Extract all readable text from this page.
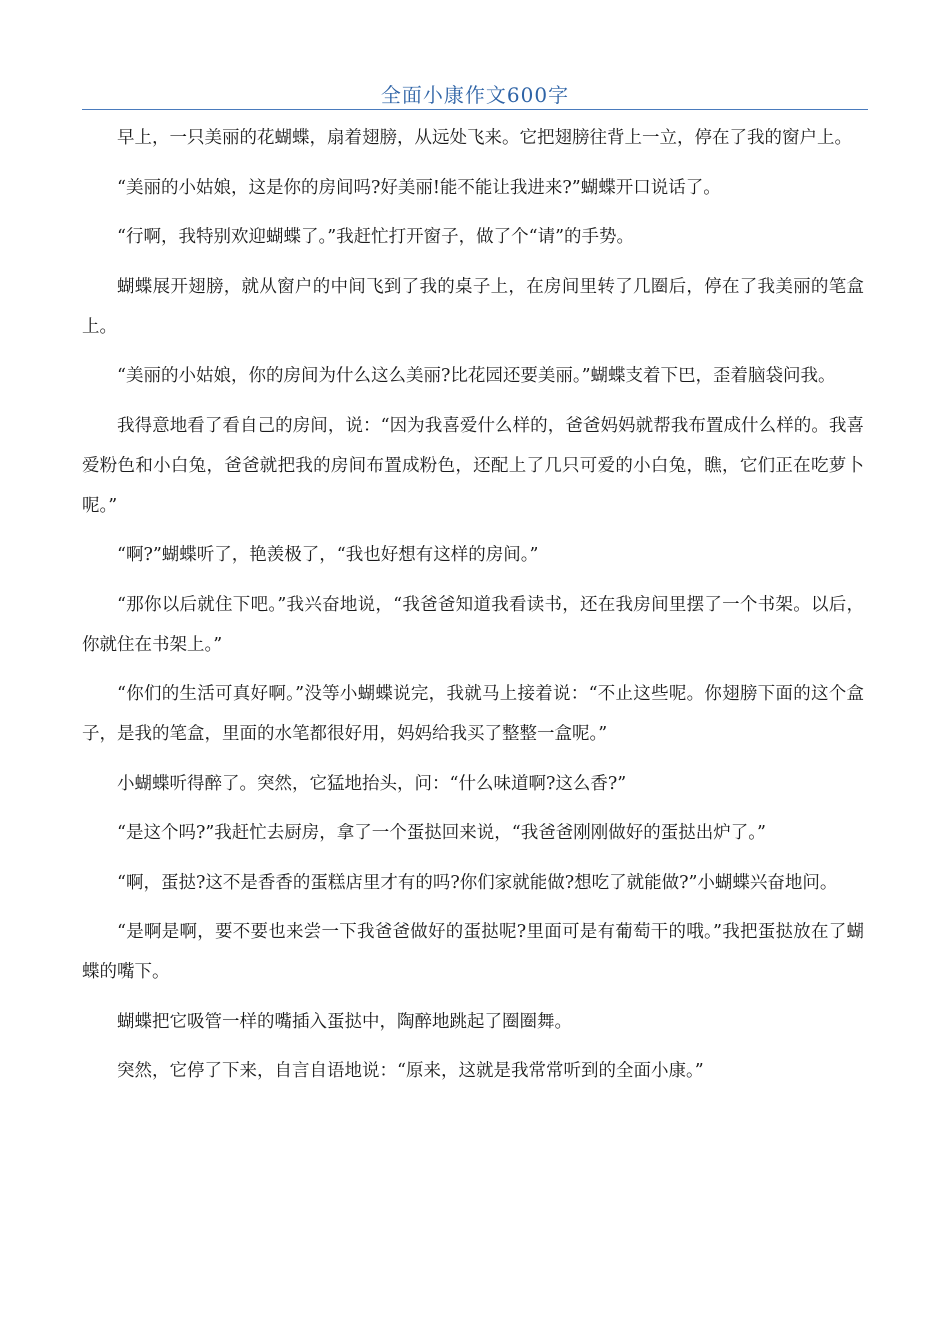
全面小康作文600字

早上，一只美丽的花蝴蝶，扇着翅膀，从远处飞来。它把翅膀往背上一立，停在了我的窗户上。

“美丽的小姑娘，这是你的房间吗?好美丽!能不能让我进来?”蝴蝶开口说话了。

“行啊，我特别欢迎蝴蝶了。”我赶忙打开窗子，做了个“请”的手势。

蝴蝶展开翅膀，就从窗户的中间飞到了我的桌子上，在房间里转了几圈后，停在了我美丽的笔盒上。

“美丽的小姑娘，你的房间为什么这么美丽?比花园还要美丽。”蝴蝶支着下巴，歪着脑袋问我。

我得意地看了看自己的房间，说：“因为我喜爱什么样的，爸爸妈妈就帮我布置成什么样的。我喜爱粉色和小白兔，爸爸就把我的房间布置成粉色，还配上了几只可爱的小白兔，瞧，它们正在吃萝卜呢。”

“啊?”蝴蝶听了，艳羡极了，“我也好想有这样的房间。”

“那你以后就住下吧。”我兴奋地说，“我爸爸知道我看读书，还在我房间里摆了一个书架。以后，你就住在书架上。”

“你们的生活可真好啊。”没等小蝴蝶说完，我就马上接着说：“不止这些呢。你翅膀下面的这个盒子，是我的笔盒，里面的水笔都很好用，妈妈给我买了整整一盒呢。”

小蝴蝶听得醉了。突然，它猛地抬头，问：“什么味道啊?这么香?”

“是这个吗?”我赶忙去厨房，拿了一个蛋挞回来说，“我爸爸刚刚做好的蛋挞出炉了。”

“啊，蛋挞?这不是香香的蛋糕店里才有的吗?你们家就能做?想吃了就能做?”小蝴蝶兴奋地问。

“是啊是啊，要不要也来尝一下我爸爸做好的蛋挞呢?里面可是有葡萄干的哦。”我把蛋挞放在了蝴蝶的嘴下。

蝴蝶把它吸管一样的嘴插入蛋挞中，陶醉地跳起了圈圈舞。

突然，它停了下来，自言自语地说：“原来，这就是我常常听到的全面小康。”
